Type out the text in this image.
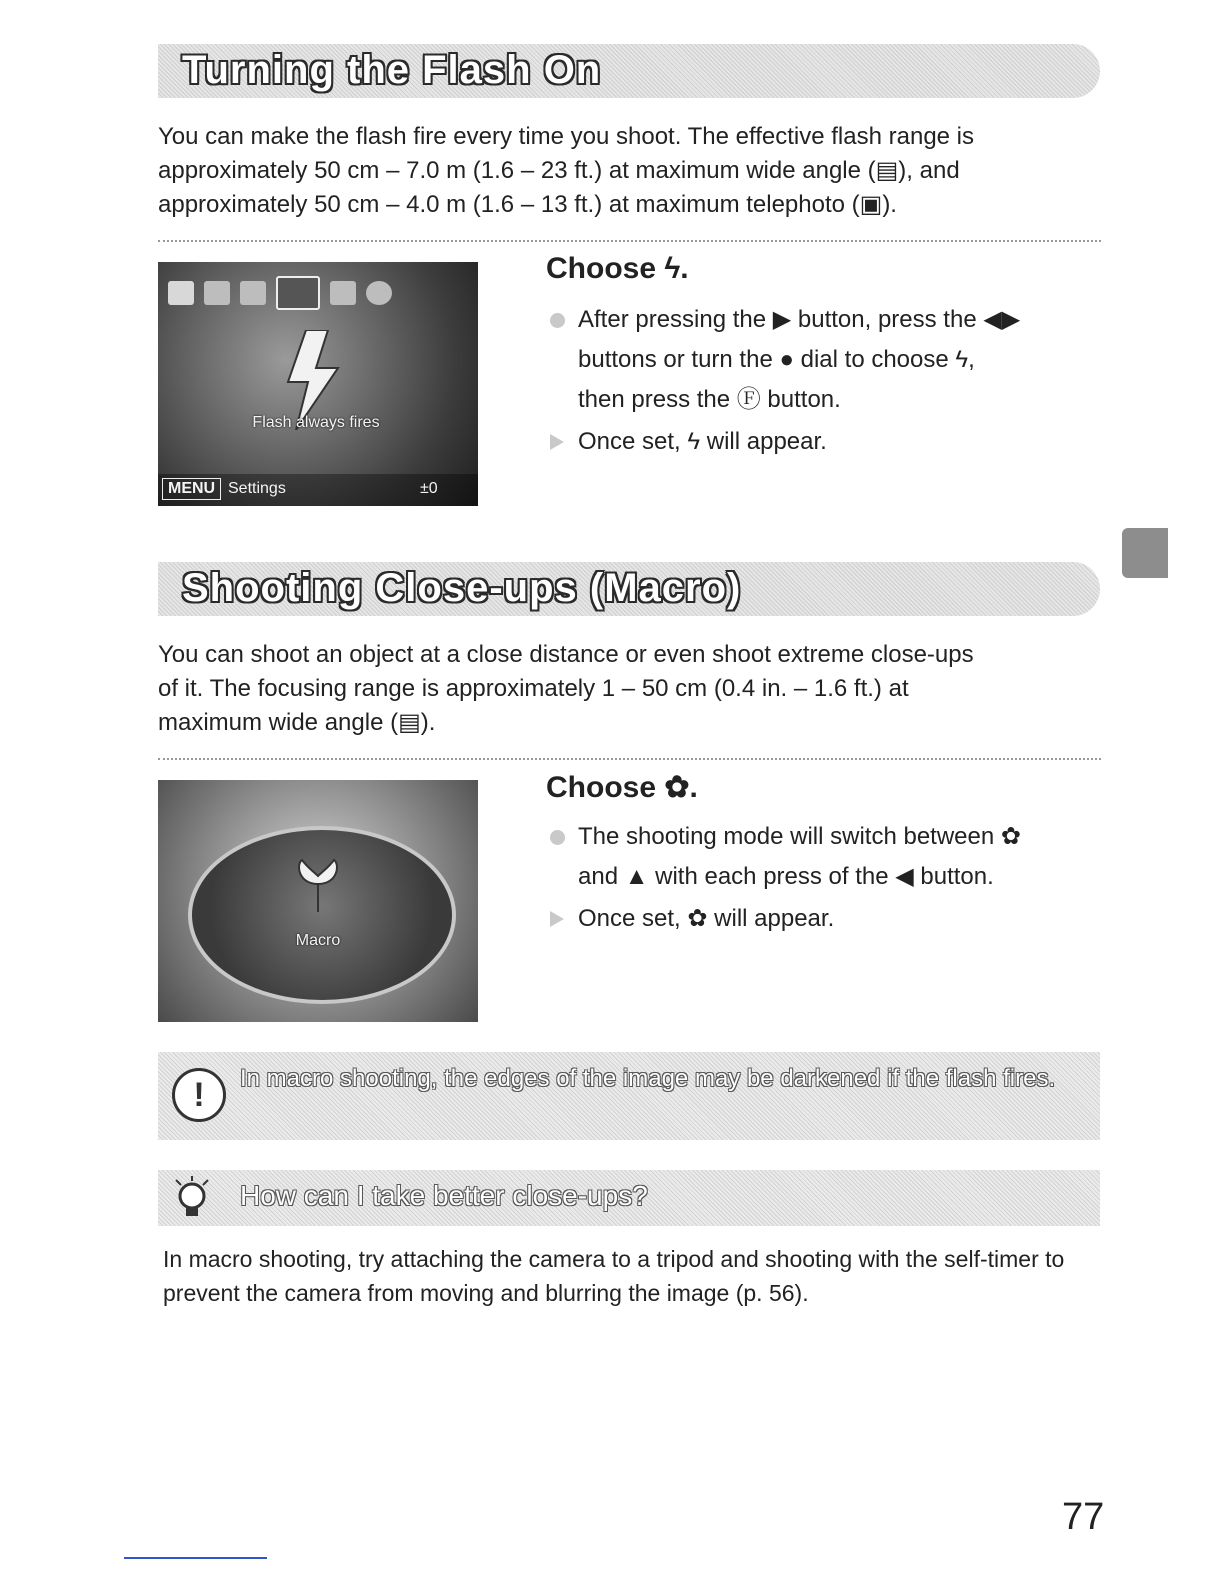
Turning the Flash On
You can make the flash fire every time you shoot. The effective flash range is
approximately 50 cm – 7.0 m (1.6 – 23 ft.) at maximum wide angle (▤), and
approximately 50 cm – 4.0 m (1.6 – 13 ft.) at maximum telephoto (▣).
Flash always fires
MENU Settings	±0
Choose ϟ.
After pressing the ▶ button, press the ◀▶
buttons or turn the ● dial to choose ϟ,
then press the Ⓕ button.
Once set, ϟ will appear.
Shooting Close-ups (Macro)
You can shoot an object at a close distance or even shoot extreme close-ups
of it. The focusing range is approximately 1 – 50 cm (0.4 in. – 1.6 ft.) at
maximum wide angle (▤).
Macro
Choose ✿.
The shooting mode will switch between ✿
and ▲ with each press of the ◀ button.
Once set, ✿ will appear.
!	In macro shooting, the edges of the image may be darkened if the flash fires.
How can I take better close-ups?
In macro shooting, try attaching the camera to a tripod and shooting with the self-timer to prevent the camera from moving and blurring the image (p. 56).
77
